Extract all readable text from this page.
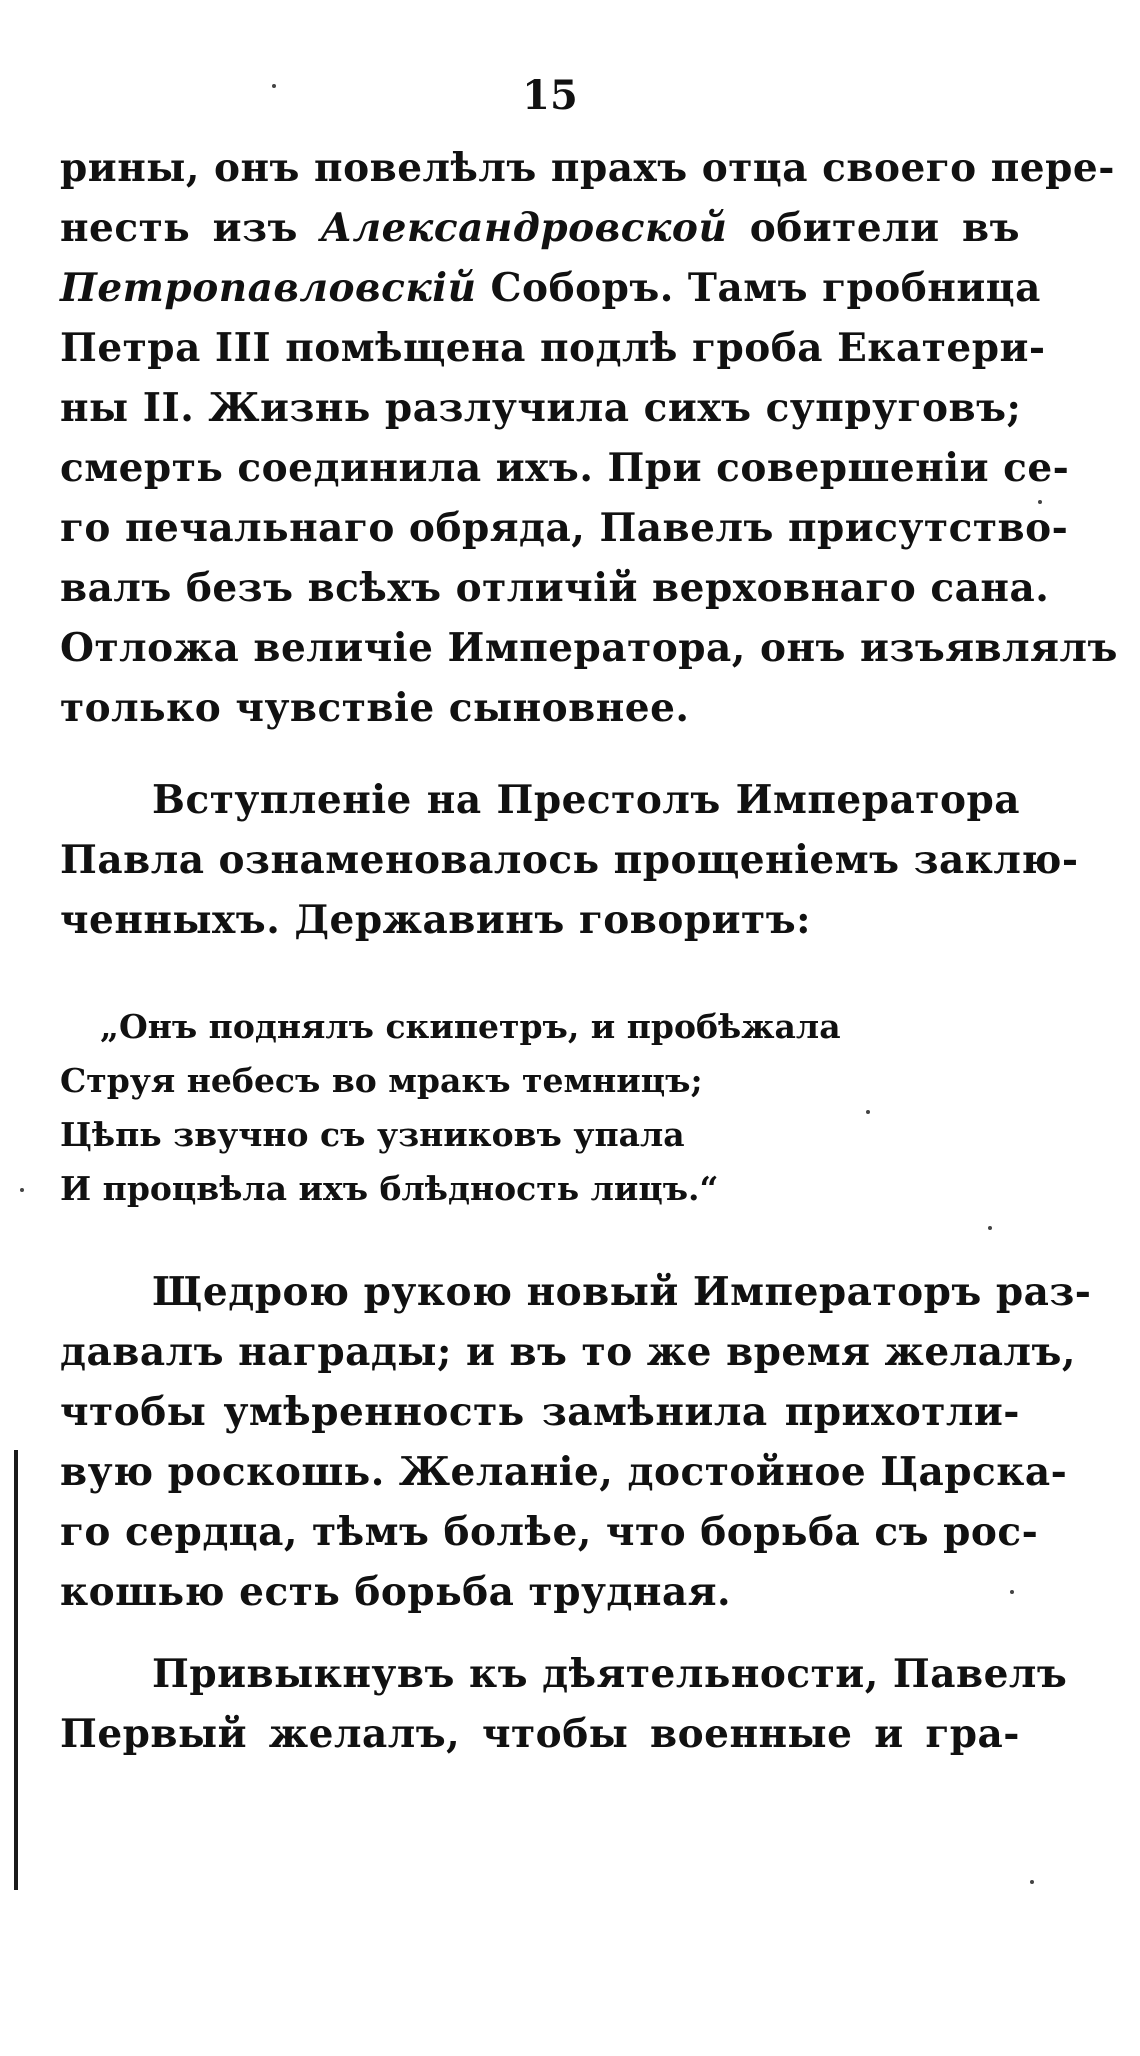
15
рины, онъ повелѣлъ прахъ отца своего пере-
несть изъ Александровской обители въ
Петропавловскій Соборъ. Тамъ гробница
Петра III помѣщена подлѣ гроба Екатери-
ны II. Жизнь разлучила сихъ супруговъ;
смерть соединила ихъ. При совершеніи се-
го печальнаго обряда, Павелъ присутство-
валъ безъ всѣхъ отличій верховнаго сана.
Отложа величіе Императора, онъ изъявлялъ
только чувствіе сыновнее.
Вступленіе на Престолъ Императора
Павла ознаменовалось прощеніемъ заклю-
ченныхъ. Державинъ говоритъ:
„Онъ поднялъ скипетръ, и пробѣжала
Струя небесъ во мракъ темницъ;
Цѣпь звучно съ узниковъ упала
И процвѣла ихъ блѣдность лицъ.“
Щедрою рукою новый Императоръ раз-
давалъ награды; и въ то же время желалъ,
чтобы умѣренность замѣнила прихотли-
вую роскошь. Желаніе, достойное Царска-
го сердца, тѣмъ болѣе, что борьба съ рос-
кошью есть борьба трудная.
Привыкнувъ къ дѣятельности, Павелъ
Первый желалъ, чтобы военные и гра-
